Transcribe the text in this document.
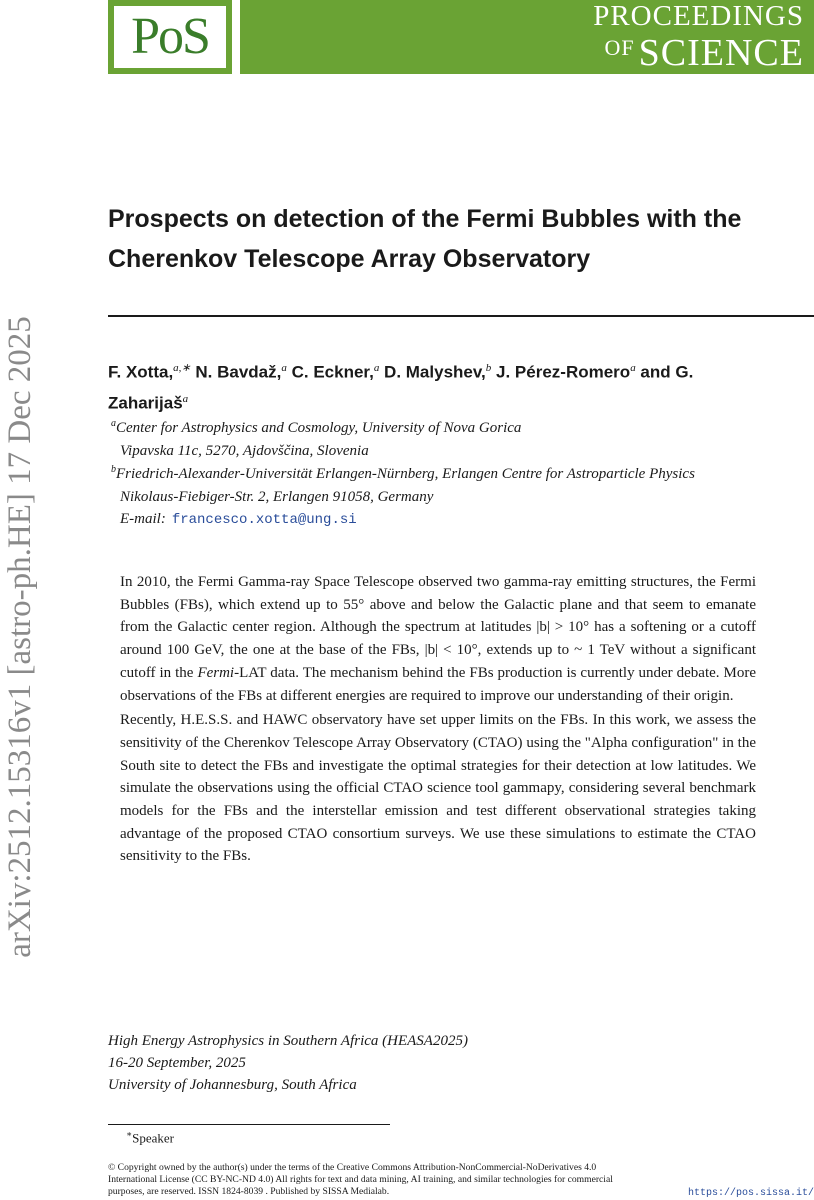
PoS	PROCEEDINGS
$^{OF}$ SCIENCE
arXiv:2512.15316v1 [astro-ph.HE] 17 Dec 2025
Prospects on detection of the Fermi Bubbles with the
Cherenkov Telescope Array Observatory
F. Xotta,$^{a,∗}$ N. Bavdaž,$^a$ C. Eckner,$^a$ D. Malyshev,$^b$ J. Pérez-Romero$^a$ and G.
Zaharijaš$^a$
$^a$Center for Astrophysics and Cosmology, University of Nova Gorica
Vipavska 11c, 5270, Ajdovščina, Slovenia
$^b$Friedrich-Alexander-Universität Erlangen-Nürnberg, Erlangen Centre for Astroparticle Physics
Nikolaus-Fiebiger-Str. 2, Erlangen 91058, Germany
E-mail: francesco.xotta@ung.si

In 2010, the Fermi Gamma-ray Space Telescope observed two gamma-ray emitting structures, the Fermi Bubbles (FBs), which extend up to 55° above and below the Galactic plane and that seem to emanate from the Galactic center region. Although the spectrum at latitudes |b| > 10° has a softening or a cutoff around 100 GeV, the one at the base of the FBs, |b| < 10°, extends up to ~ 1 TeV without a significant cutoff in the Fermi-LAT data. The mechanism behind the FBs production is currently under debate. More observations of the FBs at different energies are required to improve our understanding of their origin.

Recently, H.E.S.S. and HAWC observatory have set upper limits on the FBs. In this work, we assess the sensitivity of the Cherenkov Telescope Array Observatory (CTAO) using the "Alpha configuration" in the South site to detect the FBs and investigate the optimal strategies for their detection at low latitudes. We simulate the observations using the official CTAO science tool gammapy, considering several benchmark models for the FBs and the interstellar emission and test different observational strategies taking advantage of the proposed CTAO consortium surveys. We use these simulations to estimate the CTAO sensitivity to the FBs.

High Energy Astrophysics in Southern Africa (HEASA2025)
16-20 September, 2025
University of Johannesburg, South Africa
∗Speaker
© Copyright owned by the author(s) under the terms of the Creative Commons Attribution-NonCommercial-NoDerivatives 4.0 International License (CC BY-NC-ND 4.0) All rights for text and data mining, AI training, and similar technologies for commercial purposes, are reserved. ISSN 1824-8039 . Published by SISSA Medialab.	https://pos.sissa.it/
